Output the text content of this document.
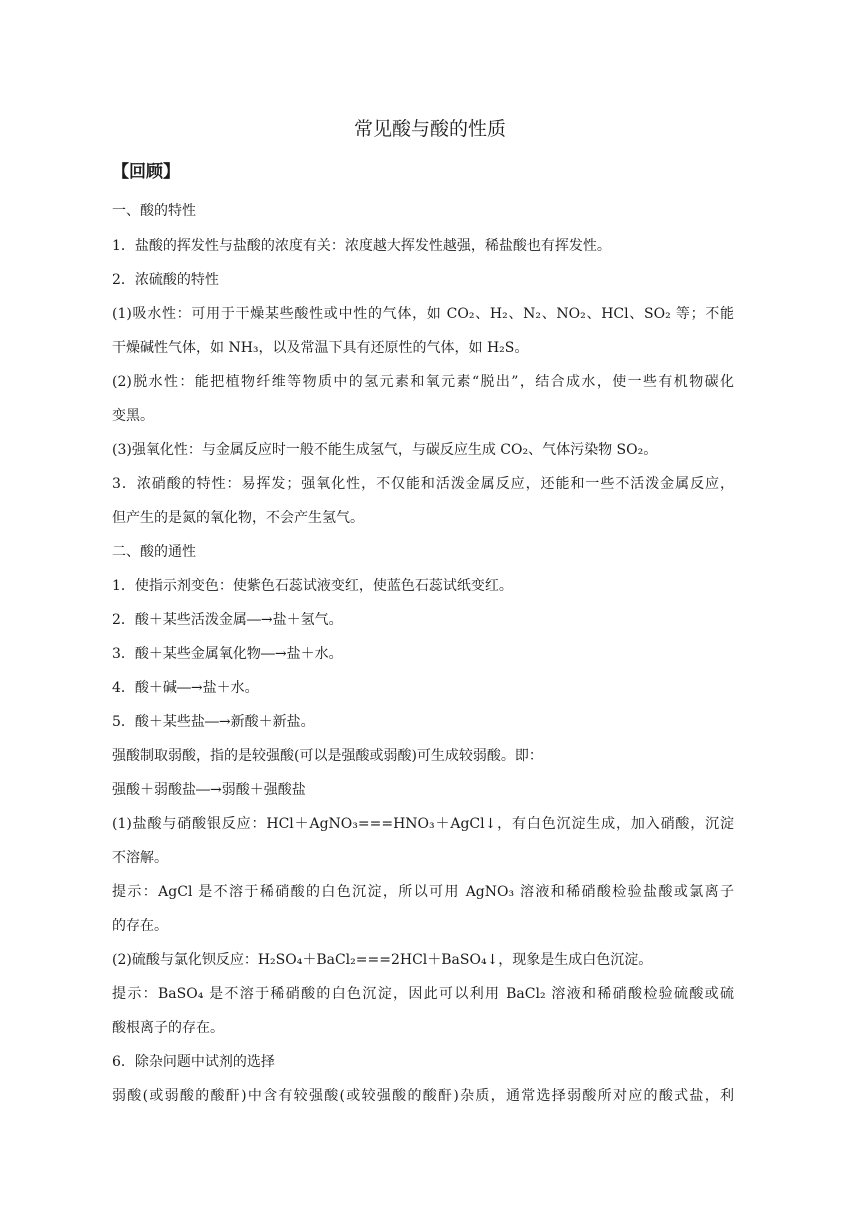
常见酸与酸的性质
【回顾】
一、酸的特性
1．盐酸的挥发性与盐酸的浓度有关：浓度越大挥发性越强，稀盐酸也有挥发性。
2．浓硫酸的特性
(1)吸水性：可用于干燥某些酸性或中性的气体，如 CO₂、H₂、N₂、NO₂、HCl、SO₂ 等；不能
干燥碱性气体，如 NH₃，以及常温下具有还原性的气体，如 H₂S。
(2)脱水性：能把植物纤维等物质中的氢元素和氧元素“脱出”，结合成水，使一些有机物碳化
变黑。
(3)强氧化性：与金属反应时一般不能生成氢气，与碳反应生成 CO₂、气体污染物 SO₂。
3．浓硝酸的特性：易挥发；强氧化性，不仅能和活泼金属反应，还能和一些不活泼金属反应，
但产生的是氮的氧化物，不会产生氢气。
二、酸的通性
1．使指示剂变色：使紫色石蕊试液变红，使蓝色石蕊试纸变红。
2．酸＋某些活泼金属―→盐＋氢气。
3．酸＋某些金属氧化物―→盐＋水。
4．酸＋碱―→盐＋水。
5．酸＋某些盐―→新酸＋新盐。
强酸制取弱酸，指的是较强酸(可以是强酸或弱酸)可生成较弱酸。即：
强酸＋弱酸盐―→弱酸＋强酸盐
(1)盐酸与硝酸银反应：HCl＋AgNO₃===HNO₃＋AgCl↓，有白色沉淀生成，加入硝酸，沉淀
不溶解。
提示：AgCl 是不溶于稀硝酸的白色沉淀，所以可用 AgNO₃ 溶液和稀硝酸检验盐酸或氯离子
的存在。
(2)硫酸与氯化钡反应：H₂SO₄＋BaCl₂===2HCl＋BaSO₄↓，现象是生成白色沉淀。
提示：BaSO₄ 是不溶于稀硝酸的白色沉淀，因此可以利用 BaCl₂ 溶液和稀硝酸检验硫酸或硫
酸根离子的存在。
6．除杂问题中试剂的选择
弱酸(或弱酸的酸酐)中含有较强酸(或较强酸的酸酐)杂质，通常选择弱酸所对应的酸式盐，利
